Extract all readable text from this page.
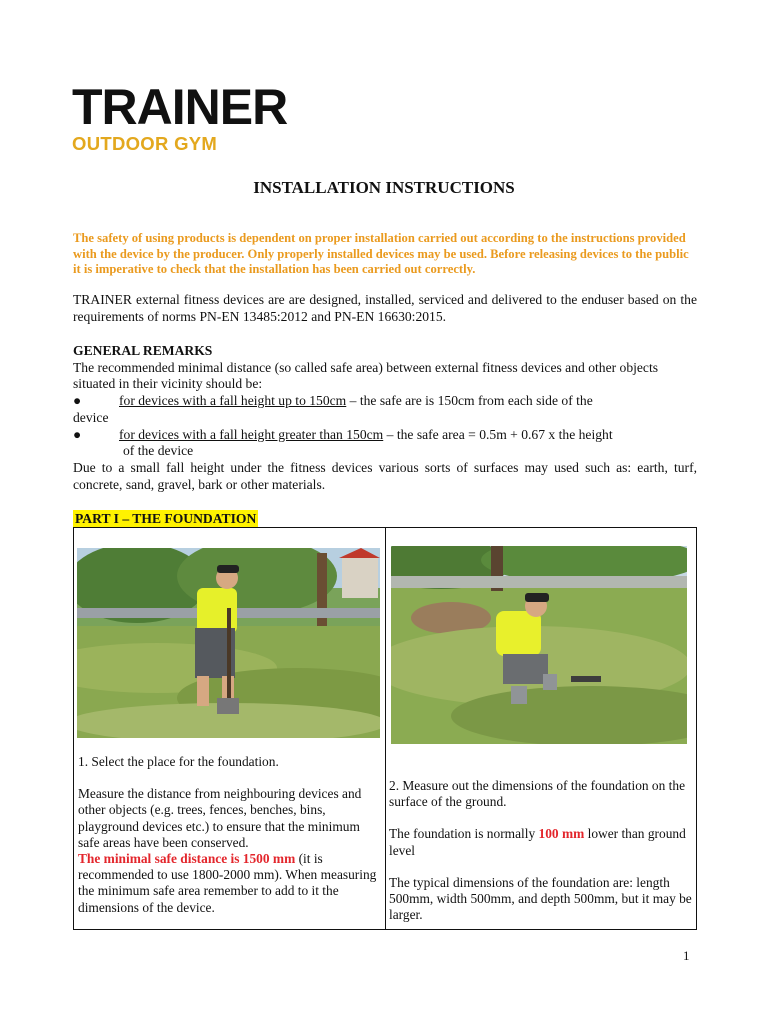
TRAINER
OUTDOOR GYM
INSTALLATION INSTRUCTIONS
The safety of using products is dependent on proper installation carried out according to the instructions provided with the device by the producer. Only properly installed devices may be used. Before releasing devices to the public it is imperative to check that the installation has been carried out correctly.
TRAINER external fitness devices are are designed, installed, serviced and delivered to the enduser based on the requirements of norms PN-EN 13485:2012 and PN-EN 16630:2015.
GENERAL REMARKS
The recommended minimal distance (so called safe area) between external fitness devices and other objects situated in their vicinity should be:
●	for devices with a fall height up to 150cm – the safe are is 150cm from each side of the
device
●	for devices with a fall height greater than 150cm – the safe area = 0.5m + 0.67 x the height
of the device
Due to a small fall height under the fitness devices various sorts of surfaces may used such as: earth, turf, concrete, sand, gravel, bark or other materials.
PART I – THE FOUNDATION

1. Select the place for the foundation.

Measure the distance from neighbouring devices and other objects (e.g. trees, fences, benches, bins, playground devices etc.) to ensure that the minimum safe areas have been conserved.

The minimal safe distance is 1500 mm (it is recommended to use 1800-2000 mm). When measuring the minimum safe area remember to add to it the dimensions of the device.

2. Measure out the dimensions of the foundation on the surface of the ground.

The foundation is normally 100 mm lower than ground level

The typical dimensions of the foundation are: length 500mm, width 500mm, and depth 500mm, but it may be larger.

1
